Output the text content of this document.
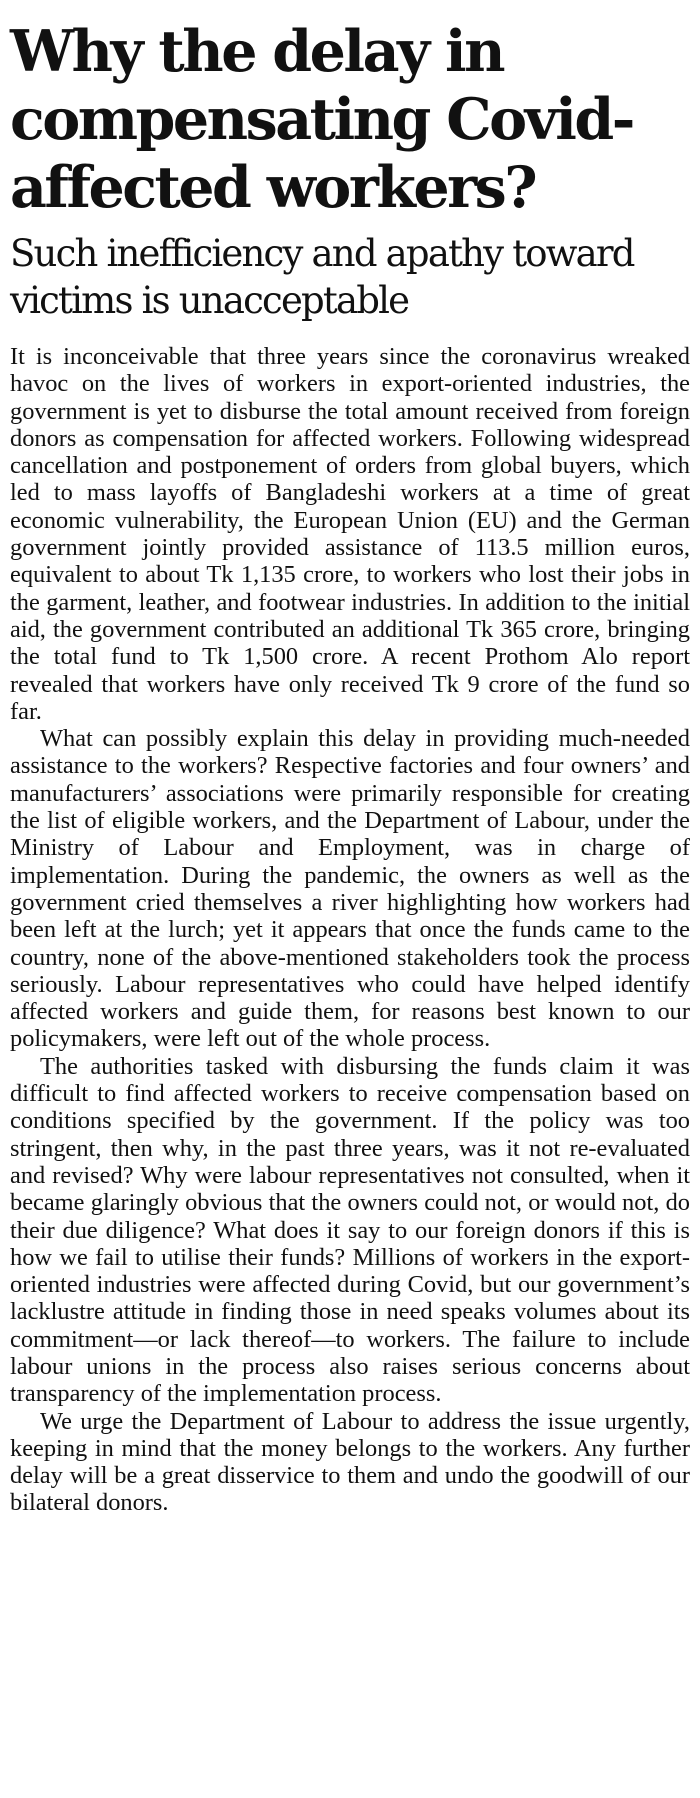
Why the delay in compensating Covid-affected workers?
Such inefficiency and apathy toward victims is unacceptable

It is inconceivable that three years since the coronavirus wreaked havoc on the lives of workers in export-oriented industries, the government is yet to disburse the total amount received from foreign donors as compensation for affected workers. Following widespread cancellation and postponement of orders from global buyers, which led to mass layoffs of Bangladeshi workers at a time of great economic vulnerability, the European Union (EU) and the German government jointly provided assistance of 113.5 million euros, equivalent to about Tk 1,135 crore, to workers who lost their jobs in the garment, leather, and footwear industries. In addition to the initial aid, the government contributed an additional Tk 365 crore, bringing the total fund to Tk 1,500 crore. A recent Prothom Alo report revealed that workers have only received Tk 9 crore of the fund so far.

What can possibly explain this delay in providing much-needed assistance to the workers? Respective factories and four owners’ and manufacturers’ associations were primarily responsible for creating the list of eligible workers, and the Department of Labour, under the Ministry of Labour and Employment, was in charge of implementation. During the pandemic, the owners as well as the government cried themselves a river highlighting how workers had been left at the lurch; yet it appears that once the funds came to the country, none of the above-mentioned stakeholders took the process seriously. Labour representatives who could have helped identify affected workers and guide them, for reasons best known to our policymakers, were left out of the whole process.

The authorities tasked with disbursing the funds claim it was difficult to find affected workers to receive compensation based on conditions specified by the government. If the policy was too stringent, then why, in the past three years, was it not re-evaluated and revised? Why were labour representatives not consulted, when it became glaringly obvious that the owners could not, or would not, do their due diligence? What does it say to our foreign donors if this is how we fail to utilise their funds? Millions of workers in the export-oriented industries were affected during Covid, but our government’s lacklustre attitude in finding those in need speaks volumes about its commitment—or lack thereof—to workers. The failure to include labour unions in the process also raises serious concerns about transparency of the implementation process.

We urge the Department of Labour to address the issue urgently, keeping in mind that the money belongs to the workers. Any further delay will be a great disservice to them and undo the goodwill of our bilateral donors.
